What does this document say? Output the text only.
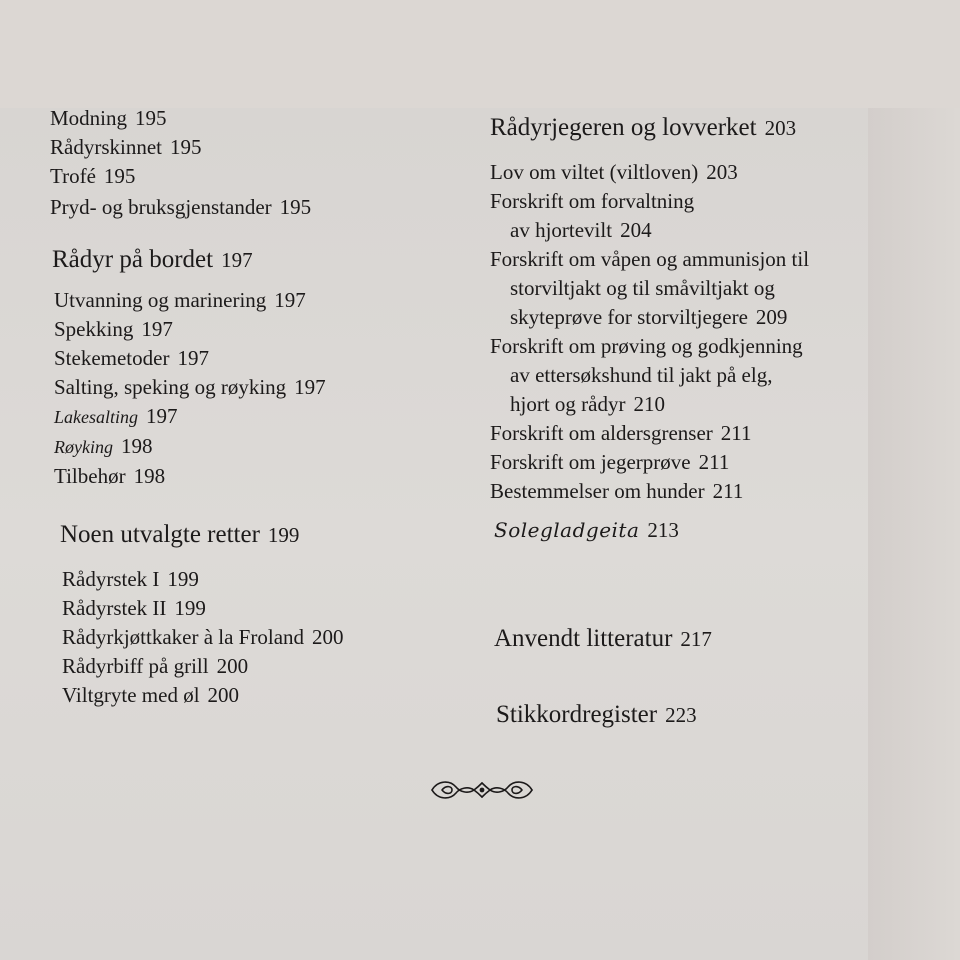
Modning 195
Rådyrskinnet 195
Trofé 195
Pryd- og bruksgjenstander 195
Rådyr på bordet 197
Utvanning og marinering 197
Spekking 197
Stekemetoder 197
Salting, speking og røyking 197
Lakesalting 197
Røyking 198
Tilbehør 198
Noen utvalgte retter 199
Rådyrstek I 199
Rådyrstek II 199
Rådyrkjøttkaker à la Froland 200
Rådyrbiff på grill 200
Viltgryte med øl 200
Rådyrjegeren og lovverket 203
Lov om viltet (viltloven) 203
Forskrift om forvaltning
av hjortevilt 204
Forskrift om våpen og ammunisjon til
storviltjakt og til småviltjakt og
skyteprøve for storviltjegere 209
Forskrift om prøving og godkjenning
av ettersøkshund til jakt på elg,
hjort og rådyr 210
Forskrift om aldersgrenser 211
Forskrift om jegerprøve 211
Bestemmelser om hunder 211
Solegladgeita 213
Anvendt litteratur 217
Stikkordregister 223
